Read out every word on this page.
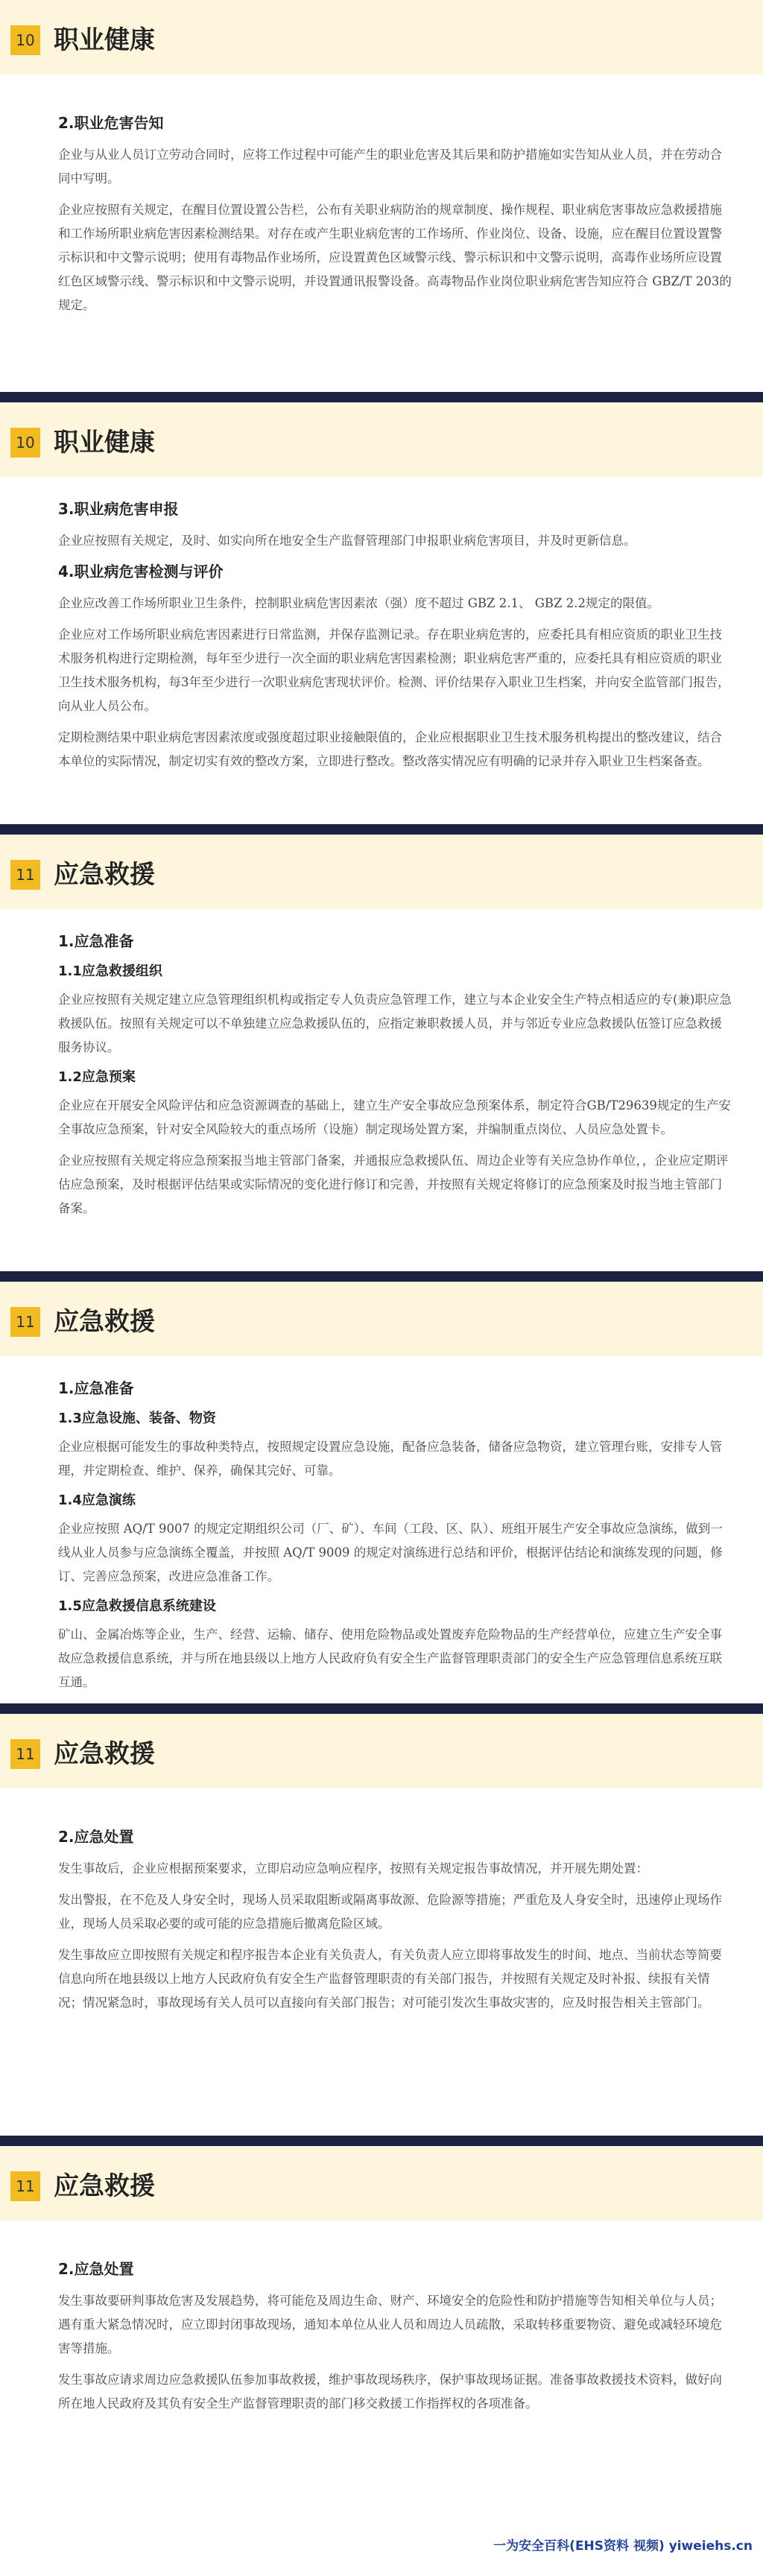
10 职业健康
2.职业危害告知
企业与从业人员订立劳动合同时，应将工作过程中可能产生的职业危害及其后果和防护措施如实告知从业人员，并在劳动合同中写明。
企业应按照有关规定，在醒目位置设置公告栏，公布有关职业病防治的规章制度、操作规程、职业病危害事故应急救援措施和工作场所职业病危害因素检测结果。对存在或产生职业病危害的工作场所、作业岗位、设备、设施，应在醒目位置设置警示标识和中文警示说明；使用有毒物品作业场所，应设置黄色区域警示线、警示标识和中文警示说明，高毒作业场所应设置红色区域警示线、警示标识和中文警示说明，并设置通讯报警设备。高毒物品作业岗位职业病危害告知应符合 GBZ/T 203的规定。
10 职业健康
3.职业病危害申报
企业应按照有关规定，及时、如实向所在地安全生产监督管理部门申报职业病危害项目，并及时更新信息。
4.职业病危害检测与评价
企业应改善工作场所职业卫生条件，控制职业病危害因素浓（强）度不超过 GBZ 2.1、 GBZ 2.2规定的限值。
企业应对工作场所职业病危害因素进行日常监测，并保存监测记录。存在职业病危害的，应委托具有相应资质的职业卫生技术服务机构进行定期检测，每年至少进行一次全面的职业病危害因素检测；职业病危害严重的，应委托具有相应资质的职业卫生技术服务机构，每3年至少进行一次职业病危害现状评价。检测、评价结果存入职业卫生档案，并向安全监管部门报告，向从业人员公布。
定期检测结果中职业病危害因素浓度或强度超过职业接触限值的，企业应根据职业卫生技术服务机构提出的整改建议，结合本单位的实际情况，制定切实有效的整改方案，立即进行整改。整改落实情况应有明确的记录并存入职业卫生档案备查。
11 应急救援
1.应急准备
1.1应急救援组织
企业应按照有关规定建立应急管理组织机构或指定专人负责应急管理工作，建立与本企业安全生产特点相适应的专(兼)职应急救援队伍。按照有关规定可以不单独建立应急救援队伍的，应指定兼职救援人员，并与邻近专业应急救援队伍签订应急救援服务协议。
1.2应急预案
企业应在开展安全风险评估和应急资源调查的基础上，建立生产安全事故应急预案体系，制定符合GB/T29639规定的生产安全事故应急预案，针对安全风险较大的重点场所（设施）制定现场处置方案，并编制重点岗位、人员应急处置卡。
企业应按照有关规定将应急预案报当地主管部门备案，并通报应急救援队伍、周边企业等有关应急协作单位，，企业应定期评估应急预案，及时根据评估结果或实际情况的变化进行修订和完善，并按照有关规定将修订的应急预案及时报当地主管部门备案。
11 应急救援
1.应急准备
1.3应急设施、装备、物资
企业应根据可能发生的事故种类特点，按照规定设置应急设施，配备应急装备，储备应急物资，建立管理台账，安排专人管理，并定期检查、维护、保养，确保其完好、可靠。
1.4应急演练
企业应按照 AQ/T 9007 的规定定期组织公司（厂、矿）、车间（工段、区、队）、班组开展生产安全事故应急演练，做到一线从业人员参与应急演练全覆盖，并按照 AQ/T 9009 的规定对演练进行总结和评价，根据评估结论和演练发现的问题，修订、完善应急预案，改进应急准备工作。
1.5应急救援信息系统建设
矿山、金属冶炼等企业，生产、经营、运输、储存、使用危险物品或处置废弃危险物品的生产经营单位，应建立生产安全事故应急救援信息系统，并与所在地县级以上地方人民政府负有安全生产监督管理职责部门的安全生产应急管理信息系统互联互通。
11 应急救援
2.应急处置
发生事故后，企业应根据预案要求，立即启动应急响应程序，按照有关规定报告事故情况，并开展先期处置：
发出警报，在不危及人身安全时，现场人员采取阻断或隔离事故源、危险源等措施；严重危及人身安全时，迅速停止现场作业，现场人员采取必要的或可能的应急措施后撤离危险区域。
发生事故应立即按照有关规定和程序报告本企业有关负责人，有关负责人应立即将事故发生的时间、地点、当前状态等简要信息向所在地县级以上地方人民政府负有安全生产监督管理职责的有关部门报告，并按照有关规定及时补报、续报有关情况；情况紧急时，事故现场有关人员可以直接向有关部门报告；对可能引发次生事故灾害的，应及时报告相关主管部门。
11 应急救援
2.应急处置
发生事故要研判事故危害及发展趋势，将可能危及周边生命、财产、环境安全的危险性和防护措施等告知相关单位与人员；遇有重大紧急情况时，应立即封闭事故现场，通知本单位从业人员和周边人员疏散，采取转移重要物资、避免或减轻环境危害等措施。
发生事故应请求周边应急救援队伍参加事故救援，维护事故现场秩序，保护事故现场证据。准备事故救援技术资料，做好向所在地人民政府及其负有安全生产监督管理职责的部门移交救援工作指挥权的各项准备。
一为安全百科(EHS资料 视频) yiweiеhs.cn
